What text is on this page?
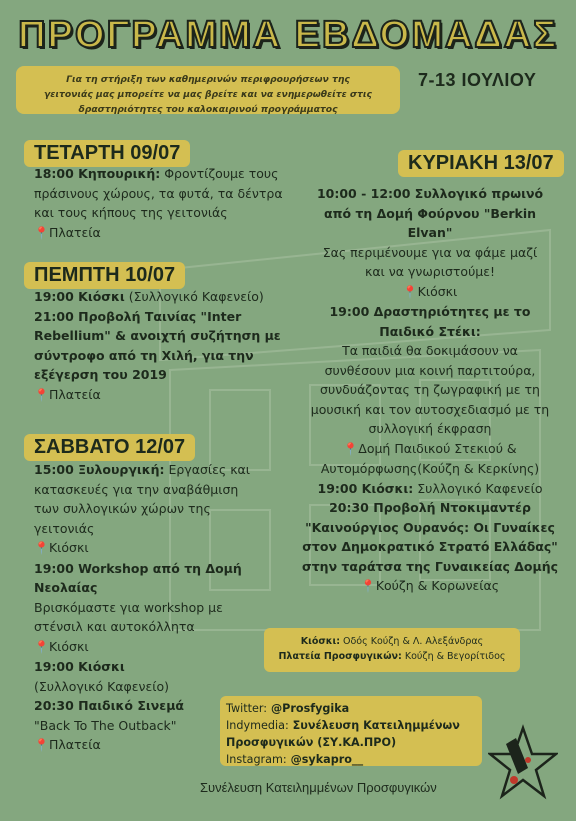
ΠΡΟΓΡΑΜΜΑ ΕΒΔΟΜΑΔΑΣ
Για τη στήριξη των καθημερινών περιφρουρήσεων της
γειτονιάς μας μπορείτε να μας βρείτε και να ενημερωθείτε στις
δραστηριότητες του καλοκαιρινού προγράμματος
7-13 ΙΟΥΛΙΟΥ
ΤΕΤΑΡΤΗ 09/07

18:00 Κηπουρική: Φροντίζουμε τους

πράσινους χώρους, τα φυτά, τα δέντρα

και τους κήπους της γειτονιάς

📍Πλατεία

ΠΕΜΠΤΗ 10/07

19:00 Κιόσκι (Συλλογικό Καφενείο)

21:00 Προβολή Ταινίας "Inter

Rebellium" & ανοιχτή συζήτηση με

σύντροφο από τη Χιλή, για την

εξέγερση του 2019

📍Πλατεία

ΣΑΒΒΑΤΟ 12/07

15:00 Ξυλουργική: Εργασίες και

κατασκευές για την αναβάθμιση

των συλλογικών χώρων της

γειτονιάς

📍Κιόσκι

19:00 Workshop από τη Δομή

Νεολαίας

Βρισκόμαστε για workshop με

στένσιλ και αυτοκόλλητα

📍Κιόσκι

19:00 Κιόσκι

(Συλλογικό Καφενείο)

20:30 Παιδικό Σινεμά

"Back To The Outback"

📍Πλατεία

ΚΥΡΙΑΚΗ 13/07

10:00 - 12:00 Συλλογικό πρωινό

από τη Δομή Φούρνου "Berkin

Elvan"

Σας περιμένουμε για να φάμε μαζί

και να γνωριστούμε!

📍Κιόσκι

19:00 Δραστηριότητες με το

Παιδικό Στέκι:

Τα παιδιά θα δοκιμάσουν να

συνθέσουν μια κοινή παρτιτούρα,

συνδυάζοντας τη ζωγραφική με τη

μουσική και τον αυτοσχεδιασμό με τη

συλλογική έκφραση

📍Δομή Παιδικού Στεκιού &

Αυτομόρφωσης(Κούζη & Κερκίνης)

19:00 Κιόσκι: Συλλογικό Καφενείο

20:30 Προβολή Ντοκιμαντέρ

"Καινούργιος Ουρανός: Οι Γυναίκες

στον Δημοκρατικό Στρατό Ελλάδας"

στην ταράτσα της Γυναικείας Δομής

📍Κούζη & Κορωνείας

Κιόσκι: Οδός Κούζη & Λ. Αλεξάνδρας
Πλατεία Προσφυγικών: Κούζη & Βεγορίτιδος
Twitter: @Prosfygika
Indymedia: Συνέλευση Κατειλημμένων
Προσφυγικών (ΣΥ.ΚΑ.ΠΡΟ)
Instagram: @sykapro__
Συνέλευση Κατειλημμένων Προσφυγικών
